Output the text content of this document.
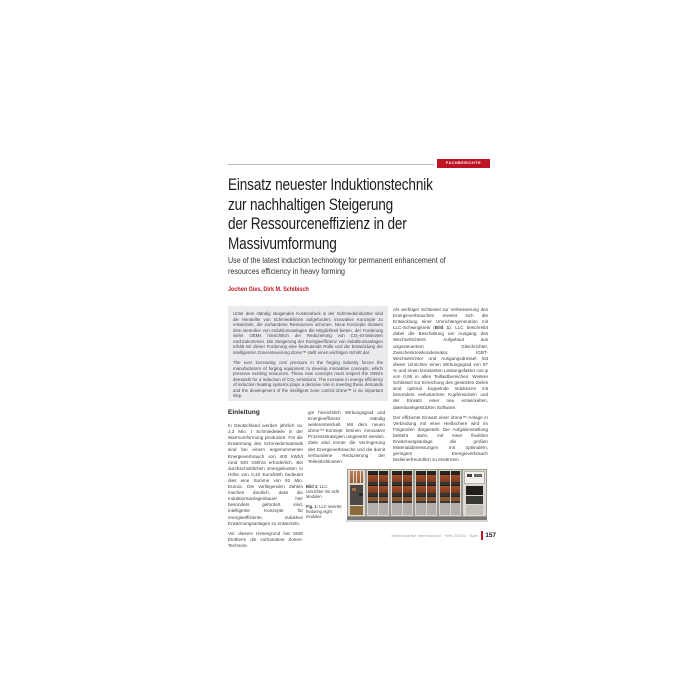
FACHBERICHTE
Einsatz neuester Induktionstechnik
zur nachhaltigen Steigerung
der Ressourceneffizienz in der
Massivumformung
Use of the latest induction technology for permanent enhancement of
resources efficiency in heavy forming
Jochen Gies, Dirk M. Schibisch

Unter dem ständig steigenden Kostendruck in der Schmiedeindustrie sind die Hersteller von Schmiedelinien aufgefordert, innovative Konzepte zu entwickeln, die vorhandene Ressourcen schonen. Neue Konzepte müssen dem Betreiber von Induktionsanlagen die Möglichkeit bieten, der Forderung vieler OEMs hinsichtlich der Reduzierung von CO₂-Emissionen nachzukommen. Die Steigerung der Energieeffizienz von Induktionsanlagen erhält mit dieser Forderung eine bedeutende Rolle und die Entwicklung der intelligenten Zonensteuerung iZone™ stellt einen wichtigen Schritt dar.

The ever increasing cost pressure in the forging industry forces the manufacturers of forging equipment to develop innovative concepts, which preserve existing resources. These new concepts must respect the OEM's demands for a reduction of CO₂ emissions. The increase in energy efficiency of induction heating systems plays a decisive role in meeting these demands and the development of the intelligent zone control iZone™ is an important step.

Einleitung

In Deutschland werden jährlich ca. 2,3 Mio. t Schmiedeteile in der Warmumformung produziert. Für die Erwärmung des Schmiedematerials sind bei einem angenommenen Energieverbrauch von 400 kWh/t rund 920 GWh/a erforderlich. Bei durchschnittlichen Energiekosten in Höhe von 0,10 Euro/kWh bedeutet dies eine Summe von 92 Mio. Euro/a. Die vorliegenden Zahlen machen deutlich, dass die Induktionsanlagenbauer hier besonders gefordert sind, intelligente Konzepte für energieeffiziente, induktive Erwärmungsanlagen zu entwickeln.

Vor diesem Hintergrund hat SMS Elotherm die vorhandene Zonen-Technolo-

gie hinsichtlich Wirkungsgrad und Energieeffizienz ständig weiterentwickelt. Mit dem neuen iZone™-Konzept können innovative Prozessstrategien umgesetzt werden. Ziele sind immer die Verringerung des Energieverbrauchs und die damit verbundene Reduzierung der Teilestückkosten.

Als wichtiger Schlüssel zur Verbesserung des Energieverbrauches erweist sich die Entwicklung einer Umrichtergeneration mit LLC-Schwingkreis (Bild 1). LLC beschreibt dabei die Beschaltung am Ausgang des Wechselrichters. Aufgebaut aus ungesteuertem Gleichrichter, Zwischenkreiskondensator, IGBT-Wechselrichter und Ausgangsdrossel hat dieser Umrichter einen Wirkungsgrad von 97 % und einen konstanten Leistungsfaktor cos φ von 0,95 in allen Teillastbereichen. Weitere Schlüssel zur Erreichung des gesetzten Zieles sind optimal koppelnde Induktoren mit besonders verlustarmen Kupferwickeln und der Einsatz einer neu entwickelten, datenbankgestützten Software.

Der effiziente Einsatz einer iZone™-Anlage in Verbindung mit einer Heißschere wird im Folgenden dargestellt. Die Aufgabenstellung besteht darin, mit einer flexiblen Erwärmungsanlage die großen Materialabmessungen mit optimalem, geringem Energieverbrauch bedienerfreundlich zu erwärmen.

Bild 1: LLC-Umrichter mit acht Modulen
Fig. 1: LLC inverter, featuring eight modules
elektrowärme international · Heft 2/2011 · April 157
